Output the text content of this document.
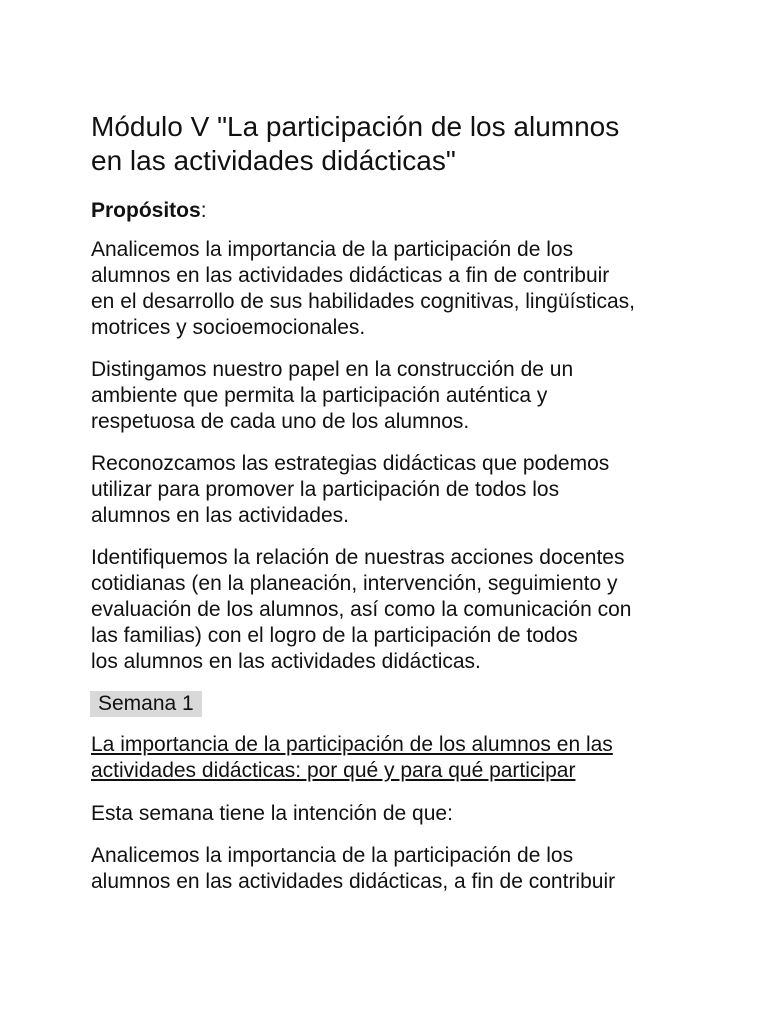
Módulo V "La participación de los alumnos
en las actividades didácticas"

Propósitos:

Analicemos la importancia de la participación de los
alumnos en las actividades didácticas a fin de contribuir
en el desarrollo de sus habilidades cognitivas, lingüísticas,
motrices y socioemocionales.

Distingamos nuestro papel en la construcción de un
ambiente que permita la participación auténtica y
respetuosa de cada uno de los alumnos.

Reconozcamos las estrategias didácticas que podemos
utilizar para promover la participación de todos los
alumnos en las actividades.

Identifiquemos la relación de nuestras acciones docentes
cotidianas (en la planeación, intervención, seguimiento y
evaluación de los alumnos, así como la comunicación con
las familias) con el logro de la participación de todos
los alumnos en las actividades didácticas.

Semana 1

La importancia de la participación de los alumnos en las
actividades didácticas: por qué y para qué participar

Esta semana tiene la intención de que:

Analicemos la importancia de la participación de los
alumnos en las actividades didácticas, a fin de contribuir
